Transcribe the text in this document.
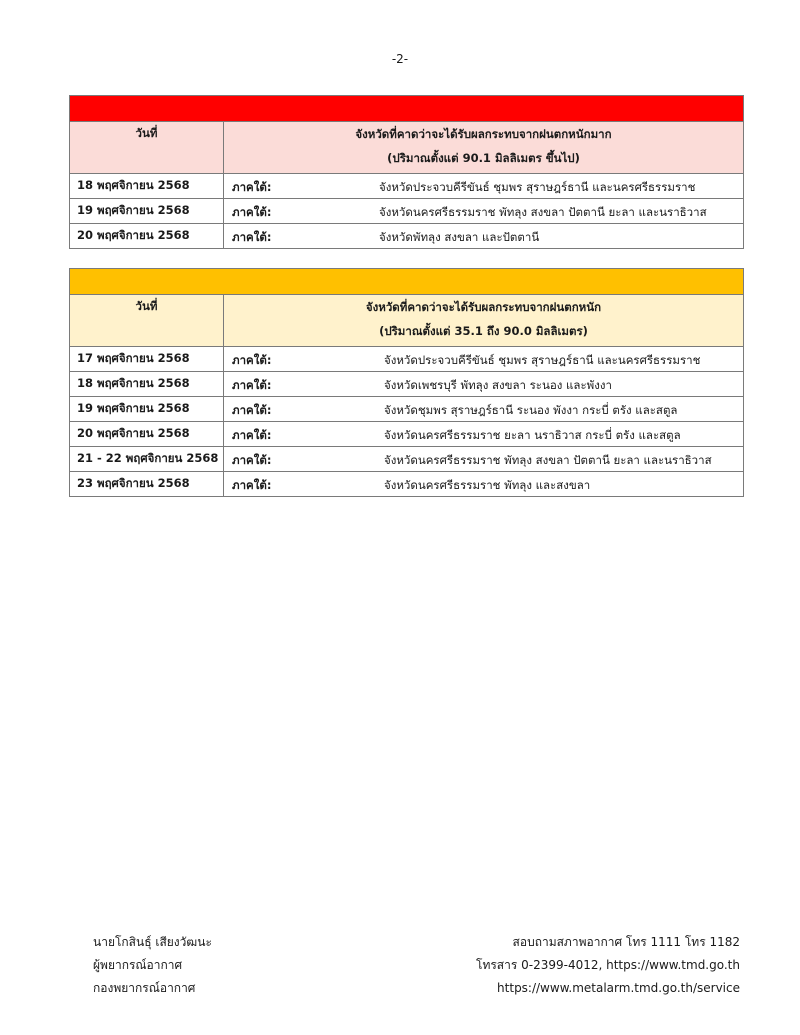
-2-

วันที่	จังหวัดที่คาดว่าจะได้รับผลกระทบจากฝนตกหนักมาก
(ปริมาณตั้งแต่ 90.1 มิลลิเมตร ขึ้นไป)

18 พฤศจิกายน 2568	ภาคใต้: จังหวัดประจวบคีรีขันธ์ ชุมพร สุราษฎร์ธานี และนครศรีธรรมราช

19 พฤศจิกายน 2568	ภาคใต้: จังหวัดนครศรีธรรมราช พัทลุง สงขลา ปัตตานี ยะลา และนราธิวาส

20 พฤศจิกายน 2568	ภาคใต้: จังหวัดพัทลุง สงขลา และปัตตานี

วันที่	จังหวัดที่คาดว่าจะได้รับผลกระทบจากฝนตกหนัก
(ปริมาณตั้งแต่ 35.1 ถึง 90.0 มิลลิเมตร)

17 พฤศจิกายน 2568	ภาคใต้: จังหวัดประจวบคีรีขันธ์ ชุมพร สุราษฎร์ธานี และนครศรีธรรมราช

18 พฤศจิกายน 2568	ภาคใต้: จังหวัดเพชรบุรี พัทลุง สงขลา ระนอง และพังงา

19 พฤศจิกายน 2568	ภาคใต้: จังหวัดชุมพร สุราษฎร์ธานี ระนอง พังงา กระบี่ ตรัง และสตูล

20 พฤศจิกายน 2568	ภาคใต้: จังหวัดนครศรีธรรมราช ยะลา นราธิวาส กระบี่ ตรัง และสตูล

21 - 22 พฤศจิกายน 2568	ภาคใต้: จังหวัดนครศรีธรรมราช พัทลุง สงขลา ปัตตานี ยะลา และนราธิวาส

23 พฤศจิกายน 2568	ภาคใต้: จังหวัดนครศรีธรรมราช พัทลุง และสงขลา
นายโกสินธุ์ เสียงวัฒนะ
ผู้พยากรณ์อากาศ
กองพยากรณ์อากาศ
สอบถามสภาพอากาศ โทร 1111 โทร 1182
โทรสาร 0-2399-4012, https://www.tmd.go.th
https://www.metalarm.tmd.go.th/service
